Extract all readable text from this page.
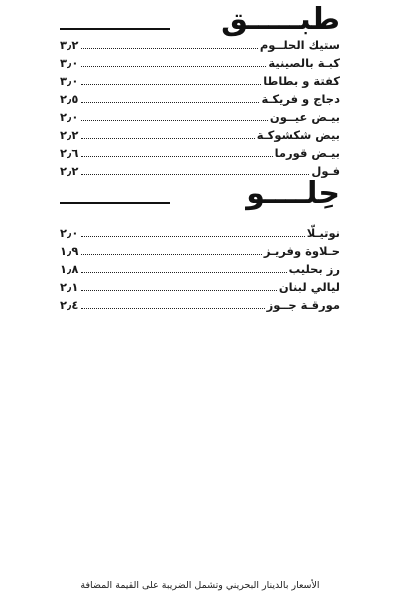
طبـــــق
٣٫٢	ستيك الحلــوم
٣٫٠	كبـة بالصينية
٣٫٠	كفتة و بطاطا
٢٫٥	دجاج و فريكـة
٢٫٠	بيـض عيــون
٢٫٢	بيض شكشوكـة
٢٫٦	بيـض قورما
٢٫٢	فـول
حِلــــو
٢٫٠	نوتيـلّا
١٫٩	حـلاوة وفريـز
١٫٨	رز بحليب
٢٫١	ليالي لبنان
٢٫٤	مورقـة جــوز
الأسعار بالدينار البحريني وتشمل الضريبة على القيمة المضافة
